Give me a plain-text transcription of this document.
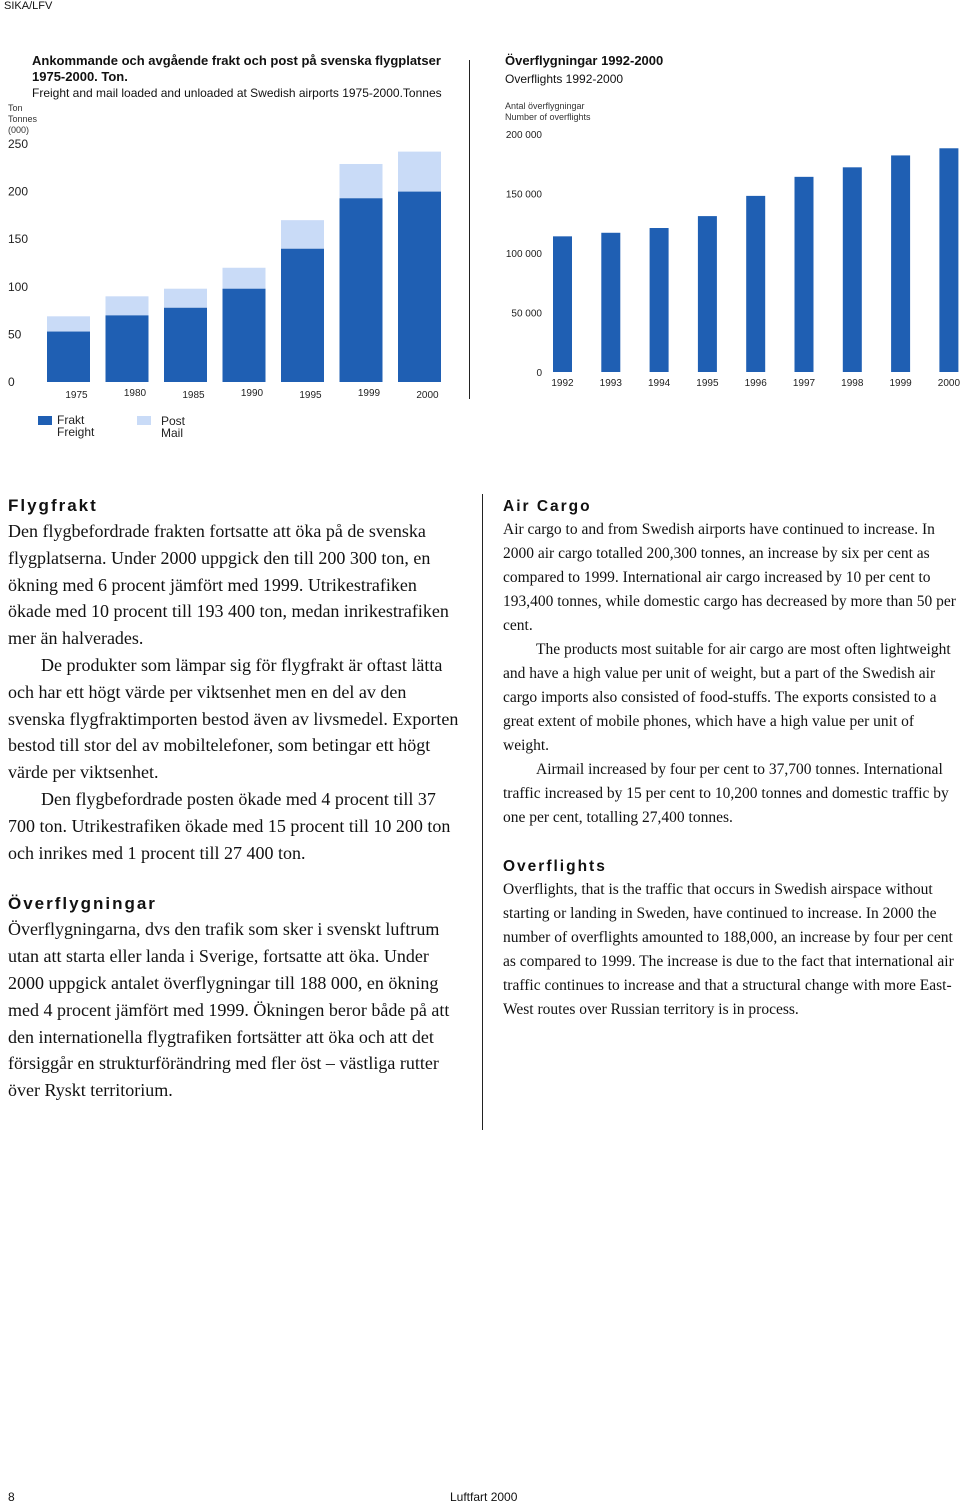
SIKA/LFV
Ankommande och avgående frakt och post på svenska flygplatser
1975-2000. Ton.
Freight and mail loaded and unloaded at Swedish airports 1975-2000.Tonnes
Ton
Tonnes
(000)
0
50
100
150
200
250
1975	1980	1985	1990	1995	1999	2000
Frakt
Freight
Post
Mail
Överflygningar 1992-2000
Overflights 1992-2000
Antal överflygningar
Number of overflights
0
50 000
100 000
150 000
200 000
1992	1993	1994	1995	1996	1997	1998	1999	2000

Flygfrakt

Den flygbefordrade frakten fortsatte att öka på de svenska flygplatserna. Under 2000 uppgick den till 200 300 ton, en ökning med 6 procent jämfört med 1999. Utrikestrafiken ökade med 10 procent till 193 400 ton, medan inrikestrafiken mer än halverades.

De produkter som lämpar sig för flygfrakt är oftast lätta och har ett högt värde per viktsenhet men en del av den svenska flygfraktimporten bestod även av livsmedel. Exporten bestod till stor del av mobiltelefoner, som betingar ett högt värde per viktsenhet.

Den flygbefordrade posten ökade med 4 procent till 37 700 ton. Utrikestrafiken ökade med 15 procent till 10 200 ton och inrikes med 1 procent till 27 400 ton.

Överflygningar

Överflygningarna, dvs den trafik som sker i svenskt luftrum utan att starta eller landa i Sverige, fortsatte att öka. Under 2000 uppgick antalet överflygningar till 188 000, en ökning med 4 procent jämfört med 1999. Ökningen beror både på att den internationella flygtrafiken fortsätter att öka och att det försiggår en strukturförändring med fler öst – västliga rutter över Ryskt territorium.

Air Cargo

Air cargo to and from Swedish airports have continued to increase. In 2000 air cargo totalled 200,300 tonnes, an increase by six per cent as compared to 1999. International air cargo increased by 10 per cent to 193,400 tonnes, while domestic cargo has decreased by more than 50 per cent.

The products most suitable for air cargo are most often lightweight and have a high value per unit of weight, but a part of the Swedish air cargo imports also consisted of food-stuffs. The exports consisted to a great extent of mobile phones, which have a high value per unit of weight.

Airmail increased by four per cent to 37,700 tonnes. International traffic increased by 15 per cent to 10,200 tonnes and domestic traffic by one per cent, totalling 27,400 tonnes.

Overflights

Overflights, that is the traffic that occurs in Swedish airspace without starting or landing in Sweden, have continued to increase. In 2000 the number of overflights amounted to 188,000, an increase by four per cent as compared to 1999. The increase is due to the fact that international air traffic continues to increase and that a structural change with more East-West routes over Russian territory is in process.

8	Luftfart 2000
